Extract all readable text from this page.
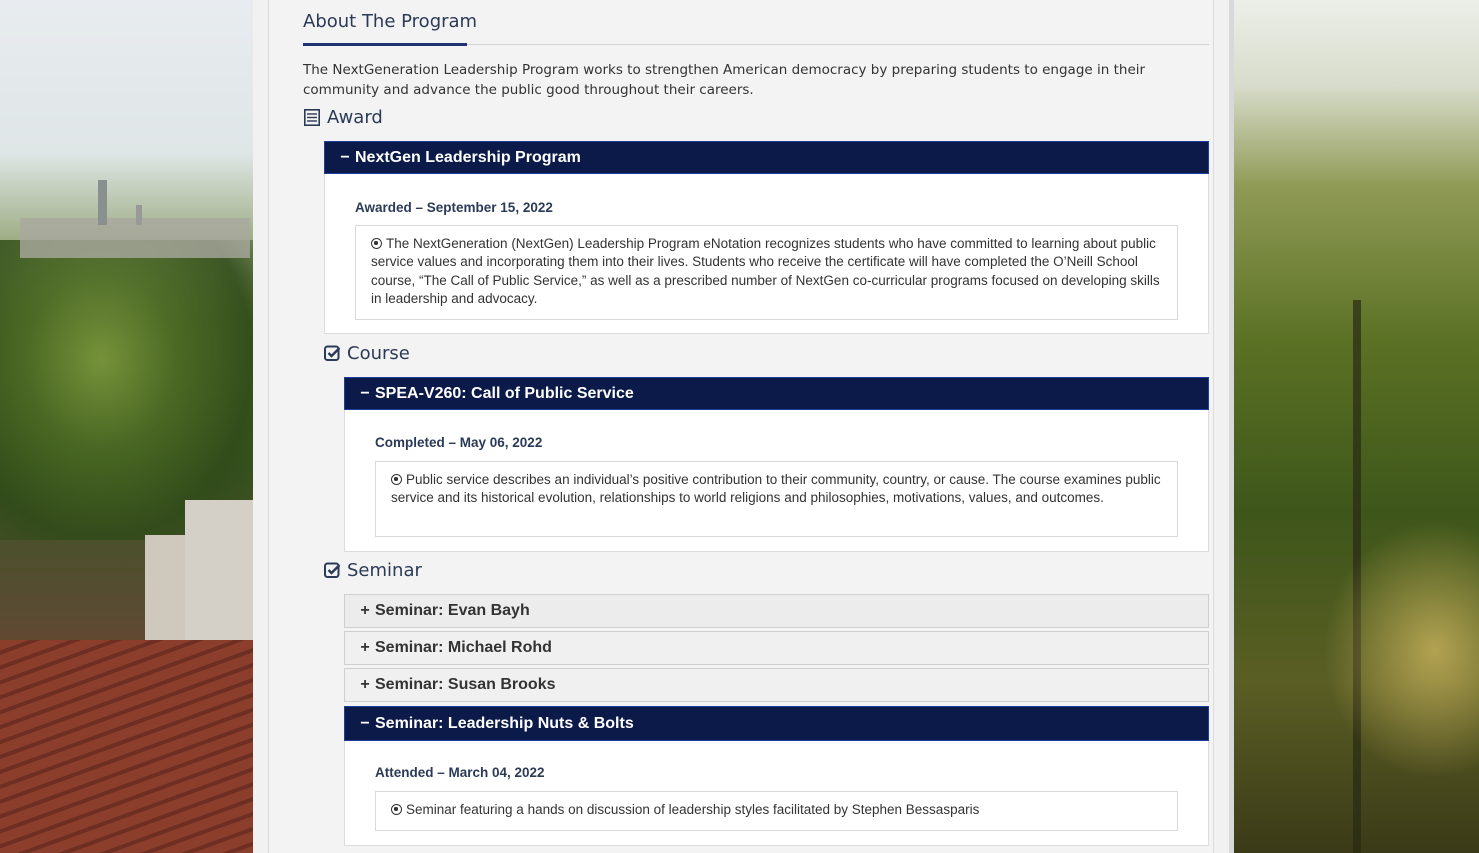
About The Program
The NextGeneration Leadership Program works to strengthen American democracy by preparing students to engage in their community and advance the public good throughout their careers.
Award
− NextGen Leadership Program
Awarded – September 15, 2022
The NextGeneration (NextGen) Leadership Program eNotation recognizes students who have committed to learning about public service values and incorporating them into their lives. Students who receive the certificate will have completed the O’Neill School course, “The Call of Public Service,” as well as a prescribed number of NextGen co-curricular programs focused on developing skills in leadership and advocacy.
Course
− SPEA-V260: Call of Public Service
Completed – May 06, 2022
Public service describes an individual’s positive contribution to their community, country, or cause. The course examines public service and its historical evolution, relationships to world religions and philosophies, motivations, values, and outcomes.
Seminar
+ Seminar: Evan Bayh
+ Seminar: Michael Rohd
+ Seminar: Susan Brooks
− Seminar: Leadership Nuts & Bolts
Attended – March 04, 2022
Seminar featuring a hands on discussion of leadership styles facilitated by Stephen Bessasparis
